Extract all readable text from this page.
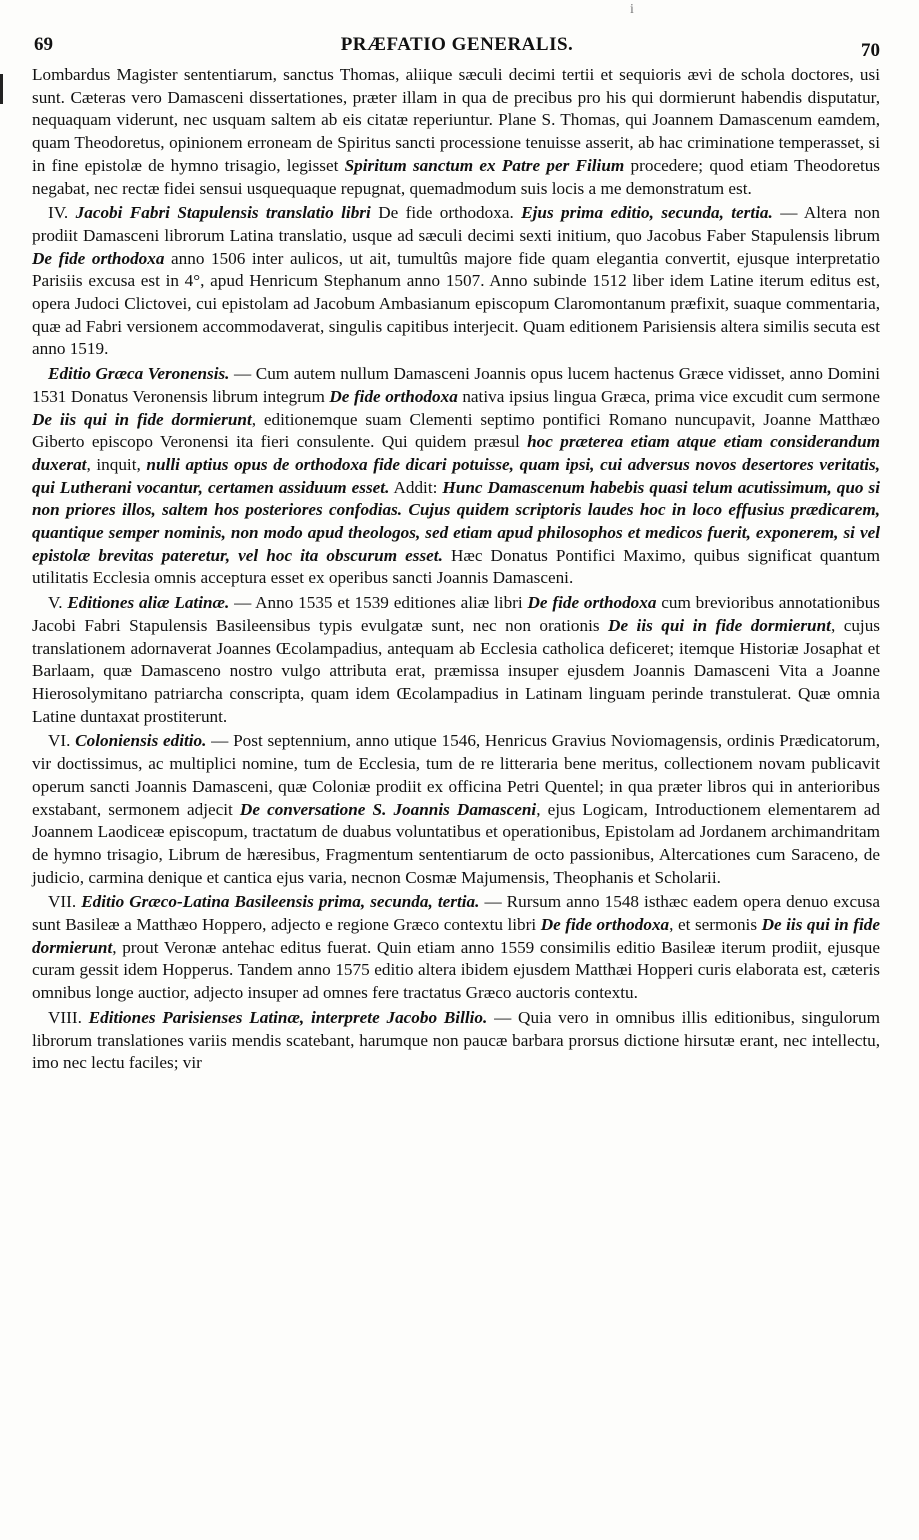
i
69	PRÆFATIO GENERALIS.	70

Lombardus Magister sententiarum, sanctus Thomas, aliique sæculi decimi tertii et sequioris ævi de schola doctores, usi sunt. Cæteras vero Damasceni dissertationes, præter illam in qua de precibus pro his qui dormierunt habendis disputatur, nequaquam viderunt, nec usquam saltem ab eis citatæ reperiuntur. Plane S. Thomas, qui Joannem Damascenum eamdem, quam Theodoretus, opinionem erroneam de Spiritus sancti processione tenuisse asserit, ab hac criminatione temperasset, si in fine epistolæ de hymno trisagio, legisset Spiritum sanctum ex Patre per Filium procedere; quod etiam Theodoretus negabat, nec rectæ fidei sensui usquequaque repugnat, quemadmodum suis locis a me demonstratum est.

IV. Jacobi Fabri Stapulensis translatio libri De fide orthodoxa. Ejus prima editio, secunda, tertia. — Altera non prodiit Damasceni librorum Latina translatio, usque ad sæculi decimi sexti initium, quo Jacobus Faber Stapulensis librum De fide orthodoxa anno 1506 inter aulicos, ut ait, tumultûs majore fide quam elegantia convertit, ejusque interpretatio Parisiis excusa est in 4°, apud Henricum Stephanum anno 1507. Anno subinde 1512 liber idem Latine iterum editus est, opera Judoci Clictovei, cui epistolam ad Jacobum Ambasianum episcopum Claromontanum præfixit, suaque commentaria, quæ ad Fabri versionem accommodaverat, singulis capitibus interjecit. Quam editionem Parisiensis altera similis secuta est anno 1519.

Editio Græca Veronensis. — Cum autem nullum Damasceni Joannis opus lucem hactenus Græce vidisset, anno Domini 1531 Donatus Veronensis librum integrum De fide orthodoxa nativa ipsius lingua Græca, prima vice excudit cum sermone De iis qui in fide dormierunt, editionemque suam Clementi septimo pontifici Romano nuncupavit, Joanne Matthæo Giberto episcopo Veronensi ita fieri consulente. Qui quidem præsul hoc præterea etiam atque etiam considerandum duxerat, inquit, nulli aptius opus de orthodoxa fide dicari potuisse, quam ipsi, cui adversus novos desertores veritatis, qui Lutherani vocantur, certamen assiduum esset. Addit: Hunc Damascenum habebis quasi telum acutissimum, quo si non priores illos, saltem hos posteriores confodias. Cujus quidem scriptoris laudes hoc in loco effusius prædicarem, quantique semper nominis, non modo apud theologos, sed etiam apud philosophos et medicos fuerit, exponerem, si vel epistolæ brevitas pateretur, vel hoc ita obscurum esset. Hæc Donatus Pontifici Maximo, quibus significat quantum utilitatis Ecclesia omnis acceptura esset ex operibus sancti Joannis Damasceni.

V. Editiones aliæ Latinæ. — Anno 1535 et 1539 editiones aliæ libri De fide orthodoxa cum brevioribus annotationibus Jacobi Fabri Stapulensis Basileensibus typis evulgatæ sunt, nec non orationis De iis qui in fide dormierunt, cujus translationem adornaverat Joannes Œcolampadius, antequam ab Ecclesia catholica deficeret; itemque Historiæ Josaphat et Barlaam, quæ Damasceno nostro vulgo attributa erat, præmissa insuper ejusdem Joannis Damasceni Vita a Joanne Hierosolymitano patriarcha conscripta, quam idem Œcolampadius in Latinam linguam perinde transtulerat. Quæ omnia Latine duntaxat prostiterunt.

VI. Coloniensis editio. — Post septennium, anno utique 1546, Henricus Gravius Noviomagensis, ordinis Prædicatorum, vir doctissimus, ac multiplici nomine, tum de Ecclesia, tum de re litteraria bene meritus, collectionem novam publicavit operum sancti Joannis Damasceni, quæ Coloniæ prodiit ex officina Petri Quentel; in qua præter libros qui in anterioribus exstabant, sermonem adjecit De conversatione S. Joannis Damasceni, ejus Logicam, Introductionem elementarem ad Joannem Laodiceæ episcopum, tractatum de duabus voluntatibus et operationibus, Epistolam ad Jordanem archimandritam de hymno trisagio, Librum de hæresibus, Fragmentum sententiarum de octo passionibus, Altercationes cum Saraceno, de judicio, carmina denique et cantica ejus varia, necnon Cosmæ Majumensis, Theophanis et Scholarii.

VII. Editio Græco-Latina Basileensis prima, secunda, tertia. — Rursum anno 1548 isthæc eadem opera denuo excusa sunt Basileæ a Matthæo Hoppero, adjecto e regione Græco contextu libri De fide orthodoxa, et sermonis De iis qui in fide dormierunt, prout Veronæ antehac editus fuerat. Quin etiam anno 1559 consimilis editio Basileæ iterum prodiit, ejusque curam gessit idem Hopperus. Tandem anno 1575 editio altera ibidem ejusdem Matthæi Hopperi curis elaborata est, cæteris omnibus longe auctior, adjecto insuper ad omnes fere tractatus Græco auctoris contextu.

VIII. Editiones Parisienses Latinæ, interprete Jacobo Billio. — Quia vero in omnibus illis editionibus, singulorum librorum translationes variis mendis scatebant, harumque non paucæ barbara prorsus dictione hirsutæ erant, nec intellectu, imo nec lectu faciles; vir
